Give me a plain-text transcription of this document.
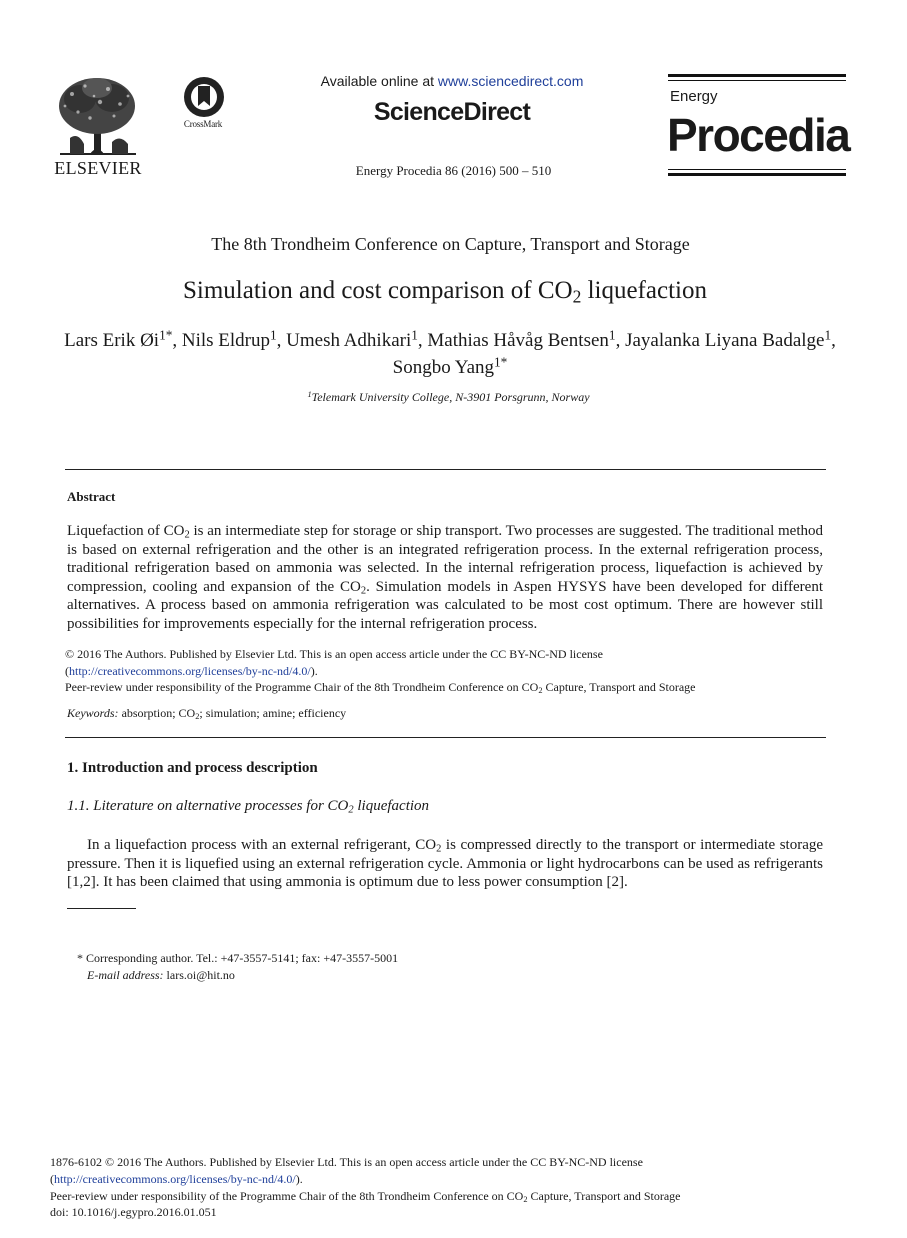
ELSEVIER
CrossMark
Available online at www.sciencedirect.com
ScienceDirect
Energy Procedia 86 (2016) 500 – 510
Energy
Procedia
The 8th Trondheim Conference on Capture, Transport and Storage
Simulation and cost comparison of $CO_2$ liquefaction
Lars Erik $Øi^{1*}$, Nils Eldrup$^1$, Umesh Adhikari$^1$, Mathias Håvåg Bentsen$^1$, Jayalanka Liyana Badalge$^1$, Songbo Yang$^{1*}$
$^1$Telemark University College, N-3901 Porsgrunn, Norway
Abstract
Liquefaction of $CO_2$ is an intermediate step for storage or ship transport. Two processes are suggested. The traditional method is based on external refrigeration and the other is an integrated refrigeration process. In the external refrigeration process, traditional refrigeration based on ammonia was selected. In the internal refrigeration process, liquefaction is achieved by compression, cooling and expansion of the $CO_2$. Simulation models in Aspen HYSYS have been developed for different alternatives. A process based on ammonia refrigeration was calculated to be most cost optimum. There are however still possibilities for improvements especially for the internal refrigeration process.
© 2016 The Authors. Published by Elsevier Ltd. This is an open access article under the CC BY-NC-ND license
(http://creativecommons.org/licenses/by-nc-nd/4.0/).
Peer-review under responsibility of the Programme Chair of the 8th Trondheim Conference on $CO_2$ Capture, Transport and Storage
Keywords: absorption; $CO_2$; simulation; amine; efficiency
1. Introduction and process description
1.1. Literature on alternative processes for $CO_2$ liquefaction
In a liquefaction process with an external refrigerant, $CO_2$ is compressed directly to the transport or intermediate storage pressure. Then it is liquefied using an external refrigeration cycle. Ammonia or light hydrocarbons can be used as refrigerants [1,2]. It has been claimed that using ammonia is optimum due to less power consumption [2].
* Corresponding author. Tel.: +47-3557-5141; fax: +47-3557-5001
E-mail address: lars.oi@hit.no
1876-6102 © 2016 The Authors. Published by Elsevier Ltd. This is an open access article under the CC BY-NC-ND license
(http://creativecommons.org/licenses/by-nc-nd/4.0/).
Peer-review under responsibility of the Programme Chair of the 8th Trondheim Conference on $CO_2$ Capture, Transport and Storage
doi: 10.1016/j.egypro.2016.01.051
